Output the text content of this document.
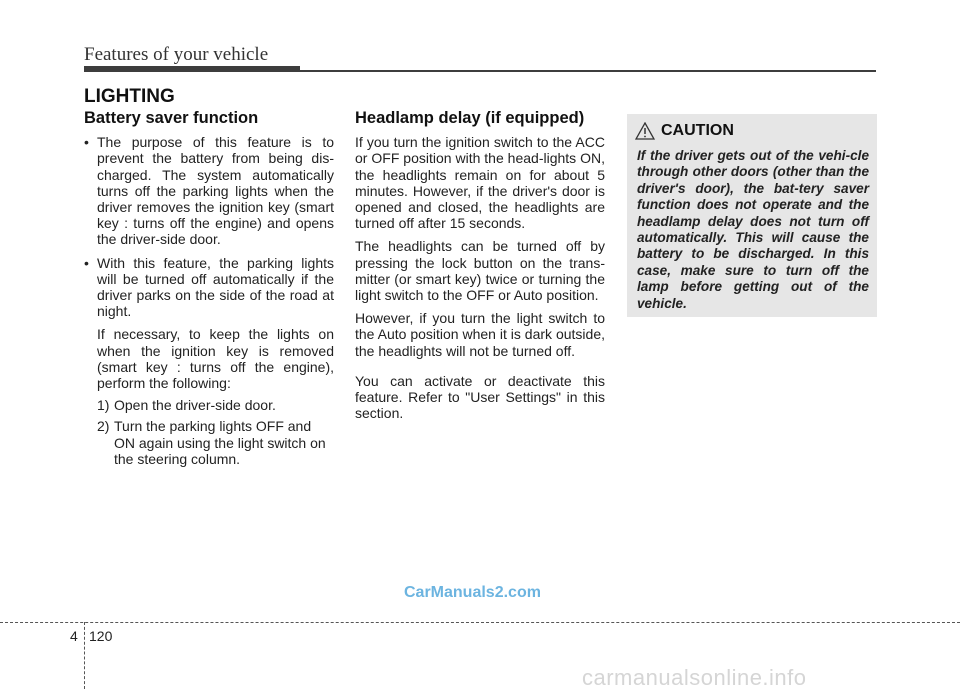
Features of your vehicle
LIGHTING
Battery saver function
• The purpose of this feature is to prevent the battery from being dis-charged. The system automatically turns off the parking lights when the driver removes the ignition key (smart key : turns off the engine) and opens the driver-side door.
• With this feature, the parking lights will be turned off automatically if the driver parks on the side of the road at night.

If necessary, to keep the lights on when the ignition key is removed (smart key : turns off the engine), perform the following:

1) Open the driver-side door.
2) Turn the parking lights OFF and ON again using the light switch on the steering column.
Headlamp delay (if equipped)

If you turn the ignition switch to the ACC or OFF position with the head-lights ON, the headlights remain on for about 5 minutes. However, if the driver's door is opened and closed, the headlights are turned off after 15 seconds.

The headlights can be turned off by pressing the lock button on the trans-mitter (or smart key) twice or turning the light switch to the OFF or Auto position.

However, if you turn the light switch to the Auto position when it is dark outside, the headlights will not be turned off.

You can activate or deactivate this feature. Refer to "User Settings" in this section.

CAUTION

If the driver gets out of the vehi-cle through other doors (other than the driver's door), the bat-tery saver function does not operate and the headlamp delay does not turn off automatically. This will cause the battery to be discharged. In this case, make sure to turn off the lamp before getting out of the vehicle.

CarManuals2.com
4 120
carmanualsonline.info
